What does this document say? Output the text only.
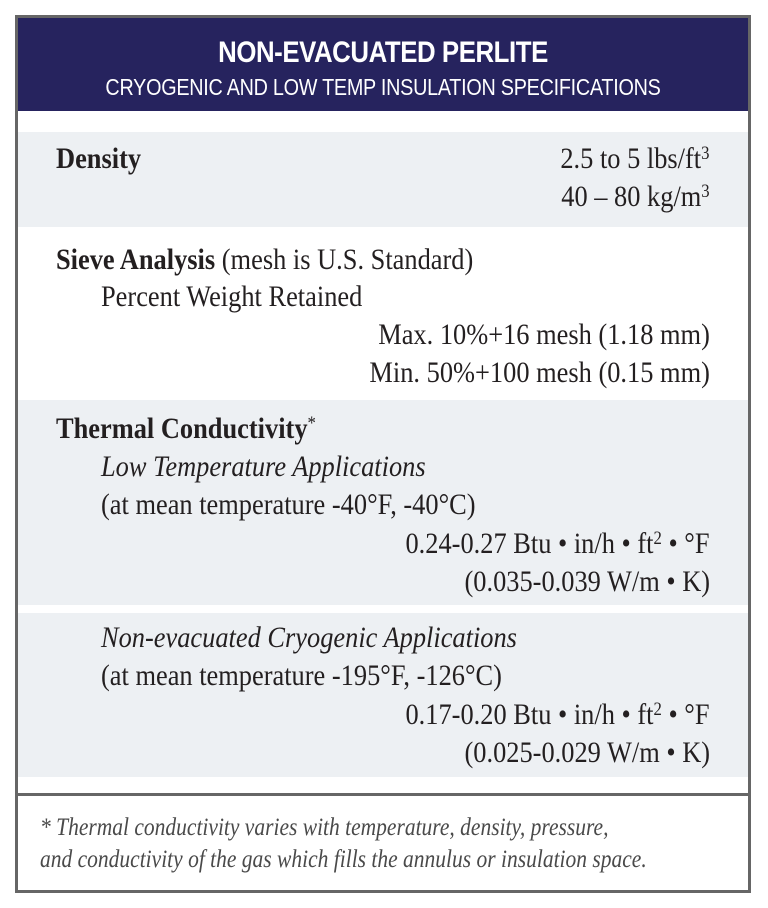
NON-EVACUATED PERLITE
CRYOGENIC AND LOW TEMP INSULATION SPECIFICATIONS
Density	2.5 to 5 lbs/$ft^3$
40 – 80 $kg/m^3$
Sieve Analysis (mesh is U.S. Standard)
Percent Weight Retained
Max. 10%+16 mesh (1.18 mm)
Min. 50%+100 mesh (0.15 mm)
Thermal Conductivity*
Low Temperature Applications
(at mean temperature -40°F, -40°C)
0.24-0.27 Btu • in/h • $ft^2$ • °F
(0.035-0.039 W/m • K)
Non-evacuated Cryogenic Applications
(at mean temperature -195°F, -126°C)
0.17-0.20 Btu • in/h • $ft^2$ • °F
(0.025-0.029 W/m • K)
* Thermal conductivity varies with temperature, density, pressure,
and conductivity of the gas which fills the annulus or insulation space.
